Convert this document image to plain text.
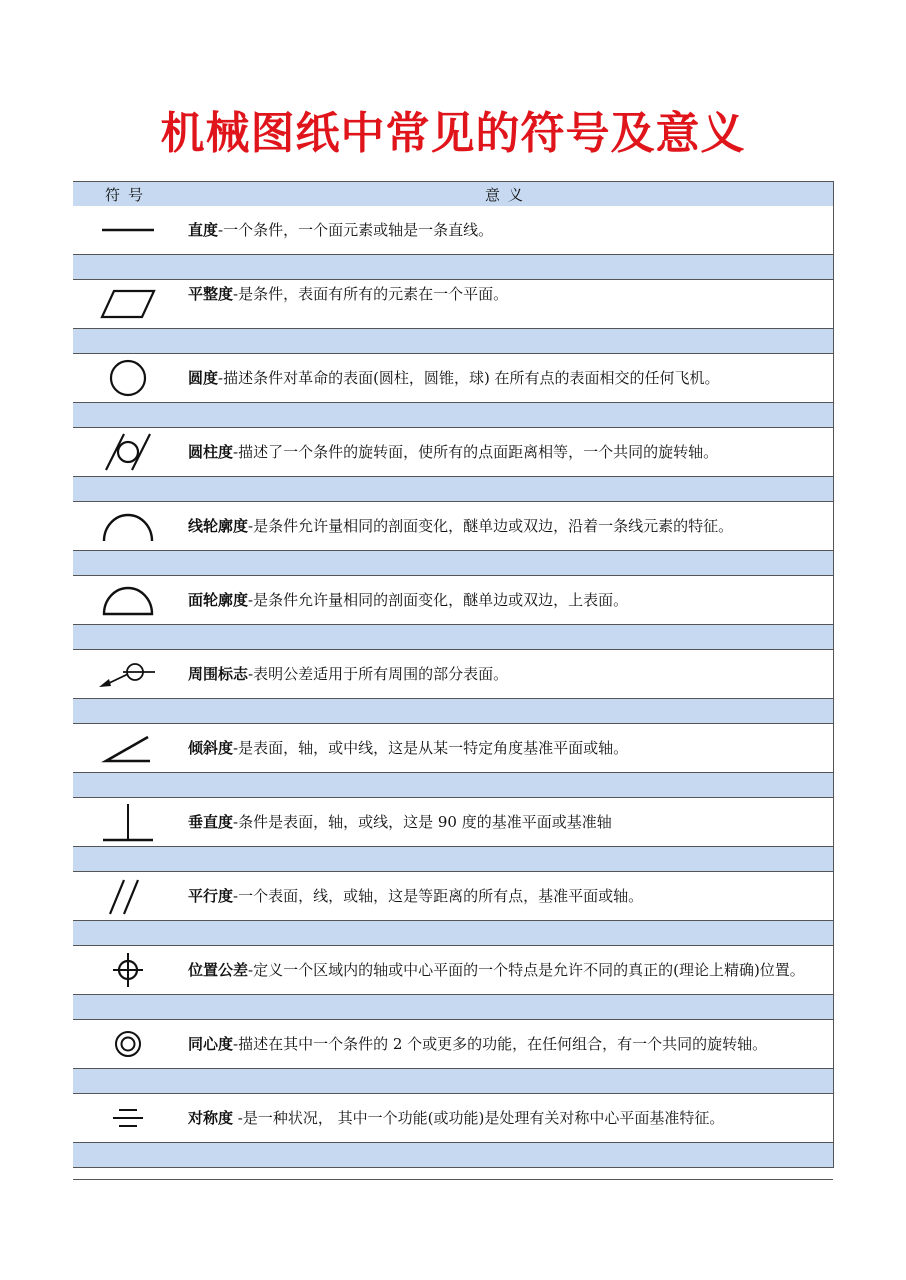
机械图纸中常见的符号及意义
符号	意义
直度-一个条件，一个面元素或轴是一条直线。
平整度-是条件，表面有所有的元素在一个平面。
圆度-描述条件对革命的表面(圆柱，圆锥，球) 在所有点的表面相交的任何飞机。
圆柱度-描述了一个条件的旋转面，使所有的点面距离相等，一个共同的旋转轴。
线轮廓度-是条件允许量相同的剖面变化，醚单边或双边，沿着一条线元素的特征。
面轮廓度-是条件允许量相同的剖面变化，醚单边或双边，上表面。
周围标志-表明公差适用于所有周围的部分表面。
倾斜度-是表面，轴，或中线，这是从某一特定角度基准平面或轴。
垂直度-条件是表面，轴，或线，这是 90 度的基准平面或基准轴
平行度-一个表面，线，或轴，这是等距离的所有点，基准平面或轴。
位置公差-定义一个区域内的轴或中心平面的一个特点是允许不同的真正的(理论上精确)位置。
同心度-描述在其中一个条件的 2 个或更多的功能，在任何组合，有一个共同的旋转轴。
对称度 -是一种状况， 其中一个功能(或功能)是处理有关对称中心平面基准特征。
